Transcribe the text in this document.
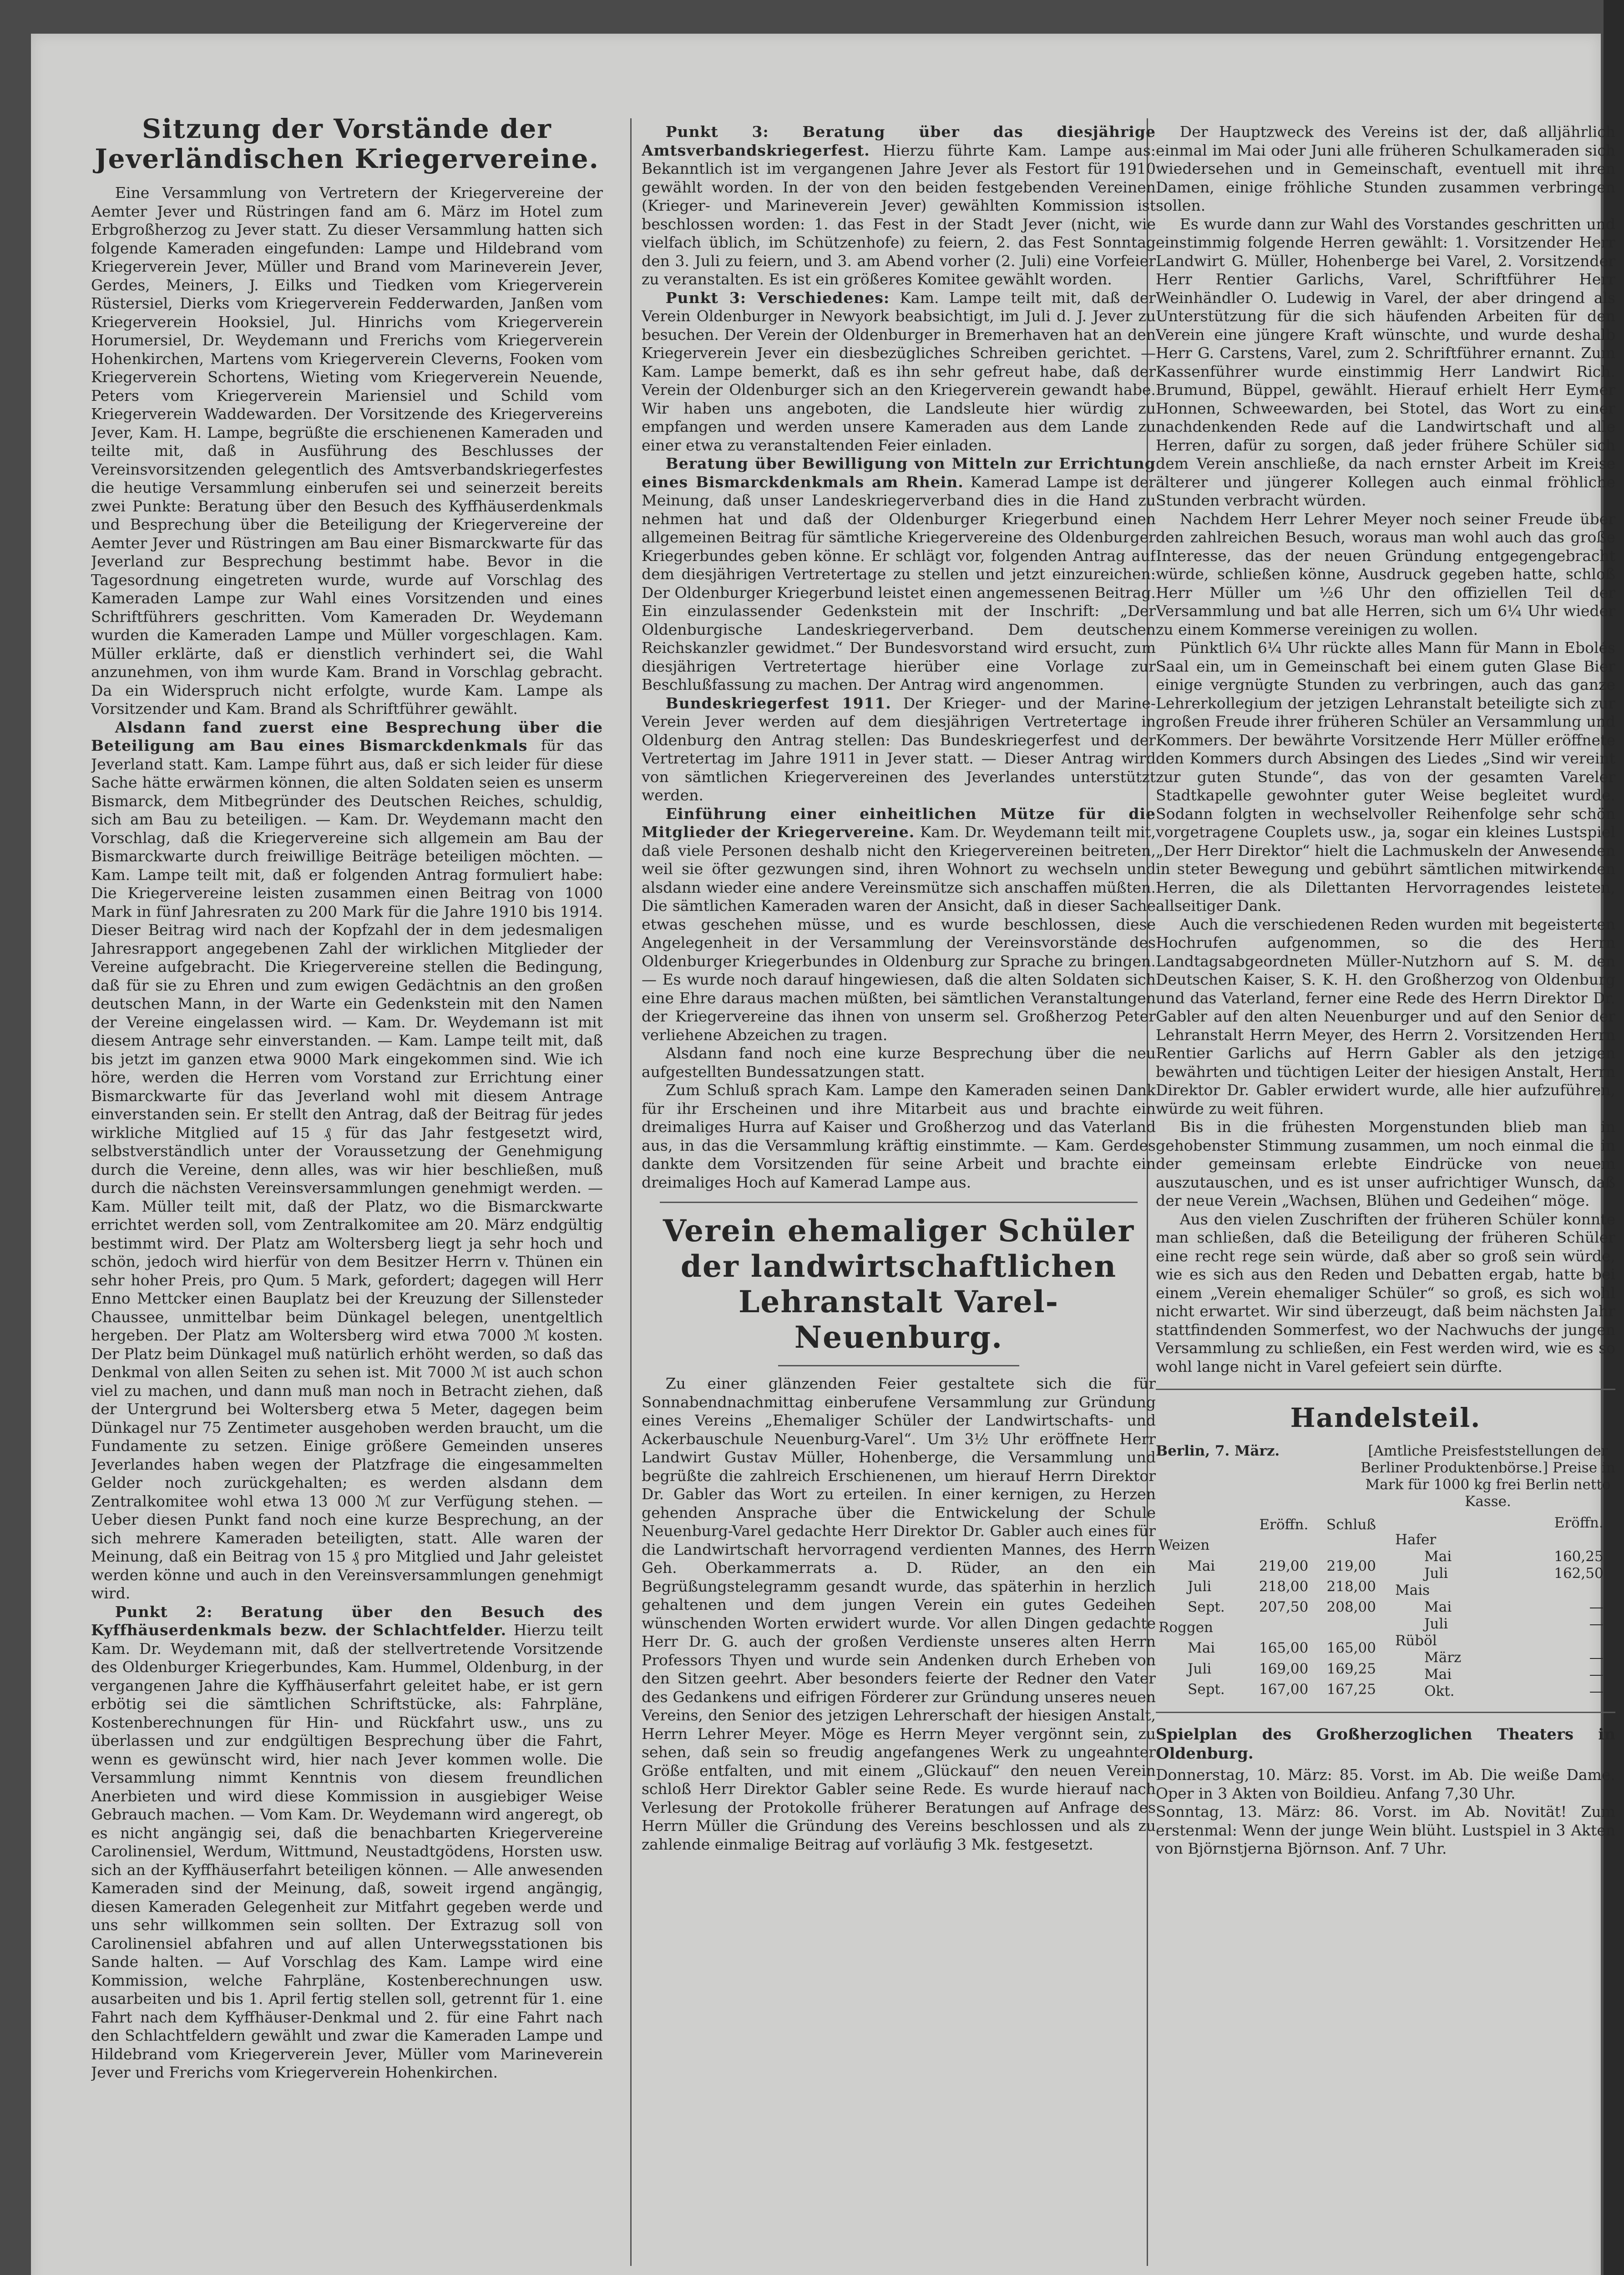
Sitzung der Vorstände der Jeverländischen Kriegervereine.

Eine Versammlung von Vertretern der Kriegervereine der Aemter Jever und Rüstringen fand am 6. März im Hotel zum Erbgroßherzog zu Jever statt. Zu dieser Versammlung hatten sich folgende Kameraden eingefunden: Lampe und Hildebrand vom Kriegerverein Jever, Müller und Brand vom Marineverein Jever, Gerdes, Meiners, J. Eilks und Tiedken vom Kriegerverein Rüstersiel, Dierks vom Kriegerverein Fedderwarden, Janßen vom Kriegerverein Hooksiel, Jul. Hinrichs vom Kriegerverein Horumersiel, Dr. Weydemann und Frerichs vom Kriegerverein Hohenkirchen, Martens vom Kriegerverein Cleverns, Fooken vom Kriegerverein Schortens, Wieting vom Kriegerverein Neuende, Peters vom Kriegerverein Mariensiel und Schild vom Kriegerverein Waddewarden. Der Vorsitzende des Kriegervereins Jever, Kam. H. Lampe, begrüßte die erschienenen Kameraden und teilte mit, daß in Ausführung des Beschlusses der Vereinsvorsitzenden gelegentlich des Amtsverbandskriegerfestes die heutige Versammlung einberufen sei und seinerzeit bereits zwei Punkte: Beratung über den Besuch des Kyffhäuserdenkmals und Besprechung über die Beteiligung der Kriegervereine der Aemter Jever und Rüstringen am Bau einer Bismarckwarte für das Jeverland zur Besprechung bestimmt habe. Bevor in die Tagesordnung eingetreten wurde, wurde auf Vorschlag des Kameraden Lampe zur Wahl eines Vorsitzenden und eines Schriftführers geschritten. Vom Kameraden Dr. Weydemann wurden die Kameraden Lampe und Müller vorgeschlagen. Kam. Müller erklärte, daß er dienstlich verhindert sei, die Wahl anzunehmen, von ihm wurde Kam. Brand in Vorschlag gebracht. Da ein Widerspruch nicht erfolgte, wurde Kam. Lampe als Vorsitzender und Kam. Brand als Schriftführer gewählt.

Alsdann fand zuerst eine Besprechung über die Beteiligung am Bau eines Bismarckdenkmals für das Jeverland statt. Kam. Lampe führt aus, daß er sich leider für diese Sache hätte erwärmen können, die alten Soldaten seien es unserm Bismarck, dem Mitbegründer des Deutschen Reiches, schuldig, sich am Bau zu beteiligen. — Kam. Dr. Weydemann macht den Vorschlag, daß die Kriegervereine sich allgemein am Bau der Bismarckwarte durch freiwillige Beiträge beteiligen möchten. — Kam. Lampe teilt mit, daß er folgenden Antrag formuliert habe: Die Kriegervereine leisten zusammen einen Beitrag von 1000 Mark in fünf Jahresraten zu 200 Mark für die Jahre 1910 bis 1914. Dieser Beitrag wird nach der Kopfzahl der in dem jedesmaligen Jahresrapport angegebenen Zahl der wirklichen Mitglieder der Vereine aufgebracht. Die Kriegervereine stellen die Bedingung, daß für sie zu Ehren und zum ewigen Gedächtnis an den großen deutschen Mann, in der Warte ein Gedenkstein mit den Namen der Vereine eingelassen wird. — Kam. Dr. Weydemann ist mit diesem Antrage sehr einverstanden. — Kam. Lampe teilt mit, daß bis jetzt im ganzen etwa 9000 Mark eingekommen sind. Wie ich höre, werden die Herren vom Vorstand zur Errichtung einer Bismarckwarte für das Jeverland wohl mit diesem Antrage einverstanden sein. Er stellt den Antrag, daß der Beitrag für jedes wirkliche Mitglied auf 15 ₰ für das Jahr festgesetzt wird, selbstverständlich unter der Voraussetzung der Genehmigung durch die Vereine, denn alles, was wir hier beschließen, muß durch die nächsten Vereinsversammlungen genehmigt werden. — Kam. Müller teilt mit, daß der Platz, wo die Bismarckwarte errichtet werden soll, vom Zentralkomitee am 20. März endgültig bestimmt wird. Der Platz am Woltersberg liegt ja sehr hoch und schön, jedoch wird hierfür von dem Besitzer Herrn v. Thünen ein sehr hoher Preis, pro Qum. 5 Mark, gefordert; dagegen will Herr Enno Mettcker einen Bauplatz bei der Kreuzung der Sillensteder Chaussee, unmittelbar beim Dünkagel belegen, unentgeltlich hergeben. Der Platz am Woltersberg wird etwa 7000 ℳ kosten. Der Platz beim Dünkagel muß natürlich erhöht werden, so daß das Denkmal von allen Seiten zu sehen ist. Mit 7000 ℳ ist auch schon viel zu machen, und dann muß man noch in Betracht ziehen, daß der Untergrund bei Woltersberg etwa 5 Meter, dagegen beim Dünkagel nur 75 Zentimeter ausgehoben werden braucht, um die Fundamente zu setzen. Einige größere Gemeinden unseres Jeverlandes haben wegen der Platzfrage die eingesammelten Gelder noch zurückgehalten; es werden alsdann dem Zentralkomitee wohl etwa 13 000 ℳ zur Verfügung stehen. — Ueber diesen Punkt fand noch eine kurze Besprechung, an der sich mehrere Kameraden beteiligten, statt. Alle waren der Meinung, daß ein Beitrag von 15 ₰ pro Mitglied und Jahr geleistet werden könne und auch in den Vereinsversammlungen genehmigt wird.

Punkt 2: Beratung über den Besuch des Kyffhäuserdenkmals bezw. der Schlachtfelder. Hierzu teilt Kam. Dr. Weydemann mit, daß der stellvertretende Vorsitzende des Oldenburger Kriegerbundes, Kam. Hummel, Oldenburg, in der vergangenen Jahre die Kyffhäuserfahrt geleitet habe, er ist gern erbötig sei die sämtlichen Schriftstücke, als: Fahrpläne, Kostenberechnungen für Hin- und Rückfahrt usw., uns zu überlassen und zur endgültigen Besprechung über die Fahrt, wenn es gewünscht wird, hier nach Jever kommen wolle. Die Versammlung nimmt Kenntnis von diesem freundlichen Anerbieten und wird diese Kommission in ausgiebiger Weise Gebrauch machen. — Vom Kam. Dr. Weydemann wird angeregt, ob es nicht angängig sei, daß die benachbarten Kriegervereine Carolinensiel, Werdum, Wittmund, Neustadtgödens, Horsten usw. sich an der Kyffhäuserfahrt beteiligen können. — Alle anwesenden Kameraden sind der Meinung, daß, soweit irgend angängig, diesen Kameraden Gelegenheit zur Mitfahrt gegeben werde und uns sehr willkommen sein sollten. Der Extrazug soll von Carolinensiel abfahren und auf allen Unterwegsstationen bis Sande halten. — Auf Vorschlag des Kam. Lampe wird eine Kommission, welche Fahrpläne, Kostenberechnungen usw. ausarbeiten und bis 1. April fertig stellen soll, getrennt für 1. eine Fahrt nach dem Kyffhäuser-Denkmal und 2. für eine Fahrt nach den Schlachtfeldern gewählt und zwar die Kameraden Lampe und Hildebrand vom Kriegerverein Jever, Müller vom Marineverein Jever und Frerichs vom Kriegerverein Hohenkirchen.

Punkt 3: Beratung über das diesjährige Amtsverbandskriegerfest. Hierzu führte Kam. Lampe aus: Bekanntlich ist im vergangenen Jahre Jever als Festort für 1910 gewählt worden. In der von den beiden festgebenden Vereinen (Krieger- und Marineverein Jever) gewählten Kommission ist beschlossen worden: 1. das Fest in der Stadt Jever (nicht, wie vielfach üblich, im Schützenhofe) zu feiern, 2. das Fest Sonntag den 3. Juli zu feiern, und 3. am Abend vorher (2. Juli) eine Vorfeier zu veranstalten. Es ist ein größeres Komitee gewählt worden.

Punkt 3: Verschiedenes: Kam. Lampe teilt mit, daß der Verein Oldenburger in Newyork beabsichtigt, im Juli d. J. Jever zu besuchen. Der Verein der Oldenburger in Bremerhaven hat an den Kriegerverein Jever ein diesbezügliches Schreiben gerichtet. — Kam. Lampe bemerkt, daß es ihn sehr gefreut habe, daß der Verein der Oldenburger sich an den Kriegerverein gewandt habe. Wir haben uns angeboten, die Landsleute hier würdig zu empfangen und werden unsere Kameraden aus dem Lande zu einer etwa zu veranstaltenden Feier einladen.

Beratung über Bewilligung von Mitteln zur Errichtung eines Bismarckdenkmals am Rhein. Kamerad Lampe ist der Meinung, daß unser Landeskriegerverband dies in die Hand zu nehmen hat und daß der Oldenburger Kriegerbund einen allgemeinen Beitrag für sämtliche Kriegervereine des Oldenburger Kriegerbundes geben könne. Er schlägt vor, folgenden Antrag auf dem diesjährigen Vertretertage zu stellen und jetzt einzureichen: Der Oldenburger Kriegerbund leistet einen angemessenen Beitrag. Ein einzulassender Gedenkstein mit der Inschrift: „Der Oldenburgische Landeskriegerverband. Dem deutschen Reichskanzler gewidmet.“ Der Bundesvorstand wird ersucht, zum diesjährigen Vertretertage hierüber eine Vorlage zur Beschlußfassung zu machen. Der Antrag wird angenommen.

Bundeskriegerfest 1911. Der Krieger- und der Marine-Verein Jever werden auf dem diesjährigen Vertretertage in Oldenburg den Antrag stellen: Das Bundeskriegerfest und der Vertretertag im Jahre 1911 in Jever statt. — Dieser Antrag wird von sämtlichen Kriegervereinen des Jeverlandes unterstützt werden.

Einführung einer einheitlichen Mütze für die Mitglieder der Kriegervereine. Kam. Dr. Weydemann teilt mit, daß viele Personen deshalb nicht den Kriegervereinen beitreten, weil sie öfter gezwungen sind, ihren Wohnort zu wechseln und alsdann wieder eine andere Vereinsmütze sich anschaffen müßten. Die sämtlichen Kameraden waren der Ansicht, daß in dieser Sache etwas geschehen müsse, und es wurde beschlossen, diese Angelegenheit in der Versammlung der Vereinsvorstände des Oldenburger Kriegerbundes in Oldenburg zur Sprache zu bringen. — Es wurde noch darauf hingewiesen, daß die alten Soldaten sich eine Ehre daraus machen müßten, bei sämtlichen Veranstaltungen der Kriegervereine das ihnen von unserm sel. Großherzog Peter verliehene Abzeichen zu tragen.

Alsdann fand noch eine kurze Besprechung über die neu aufgestellten Bundessatzungen statt.

Zum Schluß sprach Kam. Lampe den Kameraden seinen Dank für ihr Erscheinen und ihre Mitarbeit aus und brachte ein dreimaliges Hurra auf Kaiser und Großherzog und das Vaterland aus, in das die Versammlung kräftig einstimmte. — Kam. Gerdes dankte dem Vorsitzenden für seine Arbeit und brachte ein dreimaliges Hoch auf Kamerad Lampe aus.

Verein ehemaliger Schüler der landwirtschaftlichen Lehranstalt Varel-Neuenburg.

Zu einer glänzenden Feier gestaltete sich die für Sonnabendnachmittag einberufene Versammlung zur Gründung eines Vereins „Ehemaliger Schüler der Landwirtschafts- und Ackerbauschule Neuenburg-Varel“. Um 3½ Uhr eröffnete Herr Landwirt Gustav Müller, Hohenberge, die Versammlung und begrüßte die zahlreich Erschienenen, um hierauf Herrn Direktor Dr. Gabler das Wort zu erteilen. In einer kernigen, zu Herzen gehenden Ansprache über die Entwickelung der Schule Neuenburg-Varel gedachte Herr Direktor Dr. Gabler auch eines für die Landwirtschaft hervorragend verdienten Mannes, des Herrn Geh. Oberkammerrats a. D. Rüder, an den ein Begrüßungstelegramm gesandt wurde, das späterhin in herzlich gehaltenen und dem jungen Verein ein gutes Gedeihen wünschenden Worten erwidert wurde. Vor allen Dingen gedachte Herr Dr. G. auch der großen Verdienste unseres alten Herrn Professors Thyen und wurde sein Andenken durch Erheben von den Sitzen geehrt. Aber besonders feierte der Redner den Vater des Gedankens und eifrigen Förderer zur Gründung unseres neuen Vereins, den Senior des jetzigen Lehrerschaft der hiesigen Anstalt, Herrn Lehrer Meyer. Möge es Herrn Meyer vergönnt sein, zu sehen, daß sein so freudig angefangenes Werk zu ungeahnter Größe entfalten, und mit einem „Glückauf“ den neuen Verein schloß Herr Direktor Gabler seine Rede. Es wurde hierauf nach Verlesung der Protokolle früherer Beratungen auf Anfrage des Herrn Müller die Gründung des Vereins beschlossen und als zu zahlende einmalige Beitrag auf vorläufig 3 Mk. festgesetzt.

Der Hauptzweck des Vereins ist der, daß alljährlich einmal im Mai oder Juni alle früheren Schulkameraden sich wiedersehen und in Gemeinschaft, eventuell mit ihren Damen, einige fröhliche Stunden zusammen verbringen sollen.

Es wurde dann zur Wahl des Vorstandes geschritten und einstimmig folgende Herren gewählt: 1. Vorsitzender Herr Landwirt G. Müller, Hohenberge bei Varel, 2. Vorsitzender Herr Rentier Garlichs, Varel, Schriftführer Herr Weinhändler O. Ludewig in Varel, der aber dringend als Unterstützung für die sich häufenden Arbeiten für den Verein eine jüngere Kraft wünschte, und wurde deshalb Herr G. Carstens, Varel, zum 2. Schriftführer ernannt. Zum Kassenführer wurde einstimmig Herr Landwirt Rich. Brumund, Büppel, gewählt. Hierauf erhielt Herr Eymer Honnen, Schweewarden, bei Stotel, das Wort zu einer nachdenkenden Rede auf die Landwirtschaft und alle Herren, dafür zu sorgen, daß jeder frühere Schüler sich dem Verein anschließe, da nach ernster Arbeit im Kreise älterer und jüngerer Kollegen auch einmal fröhliche Stunden verbracht würden.

Nachdem Herr Lehrer Meyer noch seiner Freude über den zahlreichen Besuch, woraus man wohl auch das große Interesse, das der neuen Gründung entgegengebracht würde, schließen könne, Ausdruck gegeben hatte, schloß Herr Müller um ½6 Uhr den offiziellen Teil der Versammlung und bat alle Herren, sich um 6¼ Uhr wieder zu einem Kommerse vereinigen zu wollen.

Pünktlich 6¼ Uhr rückte alles Mann für Mann in Ebolés Saal ein, um in Gemeinschaft bei einem guten Glase Bier einige vergnügte Stunden zu verbringen, auch das ganze Lehrerkollegium der jetzigen Lehranstalt beteiligte sich zur großen Freude ihrer früheren Schüler an Versammlung und Kommers. Der bewährte Vorsitzende Herr Müller eröffnete den Kommers durch Absingen des Liedes „Sind wir vereint zur guten Stunde“, das von der gesamten Vareler Stadtkapelle gewohnter guter Weise begleitet wurde. Sodann folgten in wechselvoller Reihenfolge sehr schön vorgetragene Couplets usw., ja, sogar ein kleines Lustspiel „Der Herr Direktor“ hielt die Lachmuskeln der Anwesenden in steter Bewegung und gebührt sämtlichen mitwirkenden Herren, die als Dilettanten Hervorragendes leisteten, allseitiger Dank.

Auch die verschiedenen Reden wurden mit begeisterten Hochrufen aufgenommen, so die des Herrn Landtagsabgeordneten Müller-Nutzhorn auf S. M. den Deutschen Kaiser, S. K. H. den Großherzog von Oldenburg und das Vaterland, ferner eine Rede des Herrn Direktor Dr. Gabler auf den alten Neuenburger und auf den Senior der Lehranstalt Herrn Meyer, des Herrn 2. Vorsitzenden Herrn Rentier Garlichs auf Herrn Gabler als den jetzigen bewährten und tüchtigen Leiter der hiesigen Anstalt, Herrn Direktor Dr. Gabler erwidert wurde, alle hier aufzuführen, würde zu weit führen.

Bis in die frühesten Morgenstunden blieb man in gehobenster Stimmung zusammen, um noch einmal die in der gemeinsam erlebte Eindrücke von neuem auszutauschen, und es ist unser aufrichtiger Wunsch, daß der neue Verein „Wachsen, Blühen und Gedeihen“ möge.

Aus den vielen Zuschriften der früheren Schüler konnte man schließen, daß die Beteiligung der früheren Schüler eine recht rege sein würde, daß aber so groß sein würde, wie es sich aus den Reden und Debatten ergab, hatte bei einem „Verein ehemaliger Schüler“ so groß, es sich wohl nicht erwartet. Wir sind überzeugt, daß beim nächsten Jahr stattfindenden Sommerfest, wo der Nachwuchs der jungen Versammlung zu schließen, ein Fest werden wird, wie es so wohl lange nicht in Varel gefeiert sein dürfte.

Handelsteil.
[Amtliche Preisfeststellungen der Berliner Produktenbörse.] Preise in Mark für 1000 kg frei Berlin netto Kasse.
Berlin, 7. März.
	Eröffn.	Schluß
Weizen		
Mai	219,00	219,00
Juli	218,00	218,00
Sept.	207,50	208,00
Roggen		
Mai	165,00	165,00
Juli	169,00	169,25
Sept.	167,00	167,25
	Eröffn.	
Hafer		
Mai	160,25	
Juli	162,50	
Mais		
Mai	—	
Juli	—	
Rüböl		
März	—	
Mai	—	
Okt.	—	
Spielplan des Großherzoglichen Theaters in Oldenburg.

Donnerstag, 10. März: 85. Vorst. im Ab. Die weiße Dame. Oper in 3 Akten von Boildieu. Anfang 7,30 Uhr.

Sonntag, 13. März: 86. Vorst. im Ab. Novität! Zum erstenmal: Wenn der junge Wein blüht. Lustspiel in 3 Akten von Björnstjerna Björnson. Anf. 7 Uhr.
